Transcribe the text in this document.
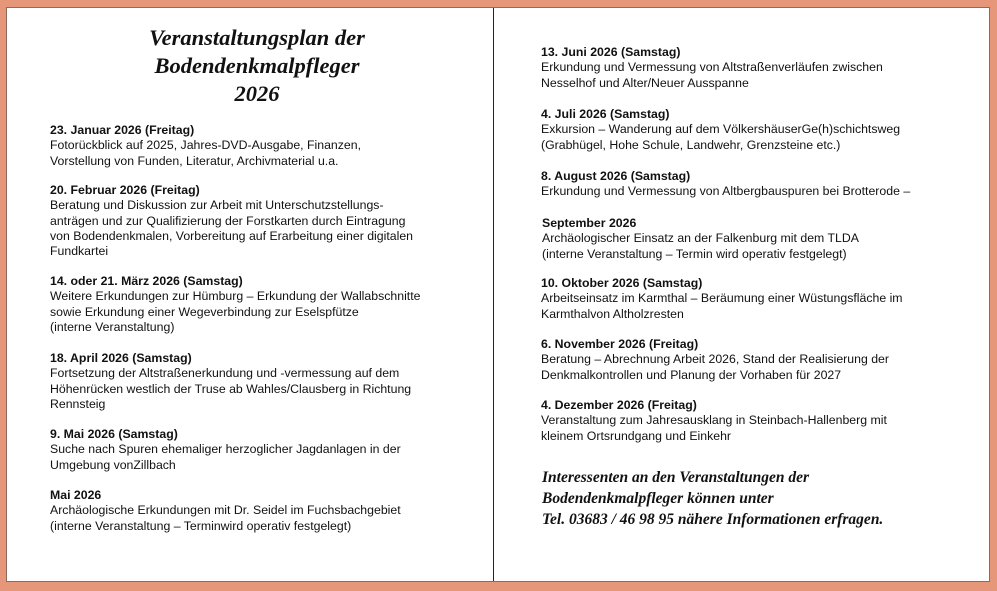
Veranstaltungsplan der
Bodendenkmalpfleger
2026
23. Januar 2026 (Freitag)
Fotorückblick auf 2025, Jahres-DVD-Ausgabe, Finanzen,
Vorstellung von Funden, Literatur, Archivmaterial u.a.
20. Februar 2026 (Freitag)
Beratung und Diskussion zur Arbeit mit Unterschutzstellungs-
anträgen und zur Qualifizierung der Forstkarten durch Eintragung
von Bodendenkmalen, Vorbereitung auf Erarbeitung einer digitalen
Fundkartei
14. oder 21. März 2026 (Samstag)
Weitere Erkundungen zur Hümburg – Erkundung der Wallabschnitte
sowie Erkundung einer Wegeverbindung zur Eselspfütze
(interne Veranstaltung)
18. April 2026 (Samstag)
Fortsetzung der Altstraßenerkundung und -vermessung auf dem
Höhenrücken westlich der Truse ab Wahles/Clausberg in Richtung
Rennsteig
9. Mai 2026 (Samstag)
Suche nach Spuren ehemaliger herzoglicher Jagdanlagen in der
Umgebung vonZillbach
Mai 2026
Archäologische Erkundungen mit Dr. Seidel im Fuchsbachgebiet
(interne Veranstaltung – Terminwird operativ festgelegt)
13. Juni 2026 (Samstag)
Erkundung und Vermessung von Altstraßenverläufen zwischen
Nesselhof und Alter/Neuer Ausspanne
4. Juli 2026 (Samstag)
Exkursion – Wanderung auf dem VölkershäuserGe(h)schichtsweg
(Grabhügel, Hohe Schule, Landwehr, Grenzsteine etc.)
8. August 2026 (Samstag)
Erkundung und Vermessung von Altbergbauspuren bei Brotterode –
September 2026
Archäologischer Einsatz an der Falkenburg mit dem TLDA
(interne Veranstaltung – Termin wird operativ festgelegt)
10. Oktober 2026 (Samstag)
Arbeitseinsatz im Karmthal – Beräumung einer Wüstungsfläche im
Karmthalvon Altholzresten
6. November 2026 (Freitag)
Beratung – Abrechnung Arbeit 2026, Stand der Realisierung der
Denkmalkontrollen und Planung der Vorhaben für 2027
4. Dezember 2026 (Freitag)
Veranstaltung zum Jahresausklang in Steinbach-Hallenberg mit
kleinem Ortsrundgang und Einkehr
Interessenten an den Veranstaltungen der
Bodendenkmalpfleger können unter
Tel. 03683 / 46 98 95 nähere Informationen erfragen.
